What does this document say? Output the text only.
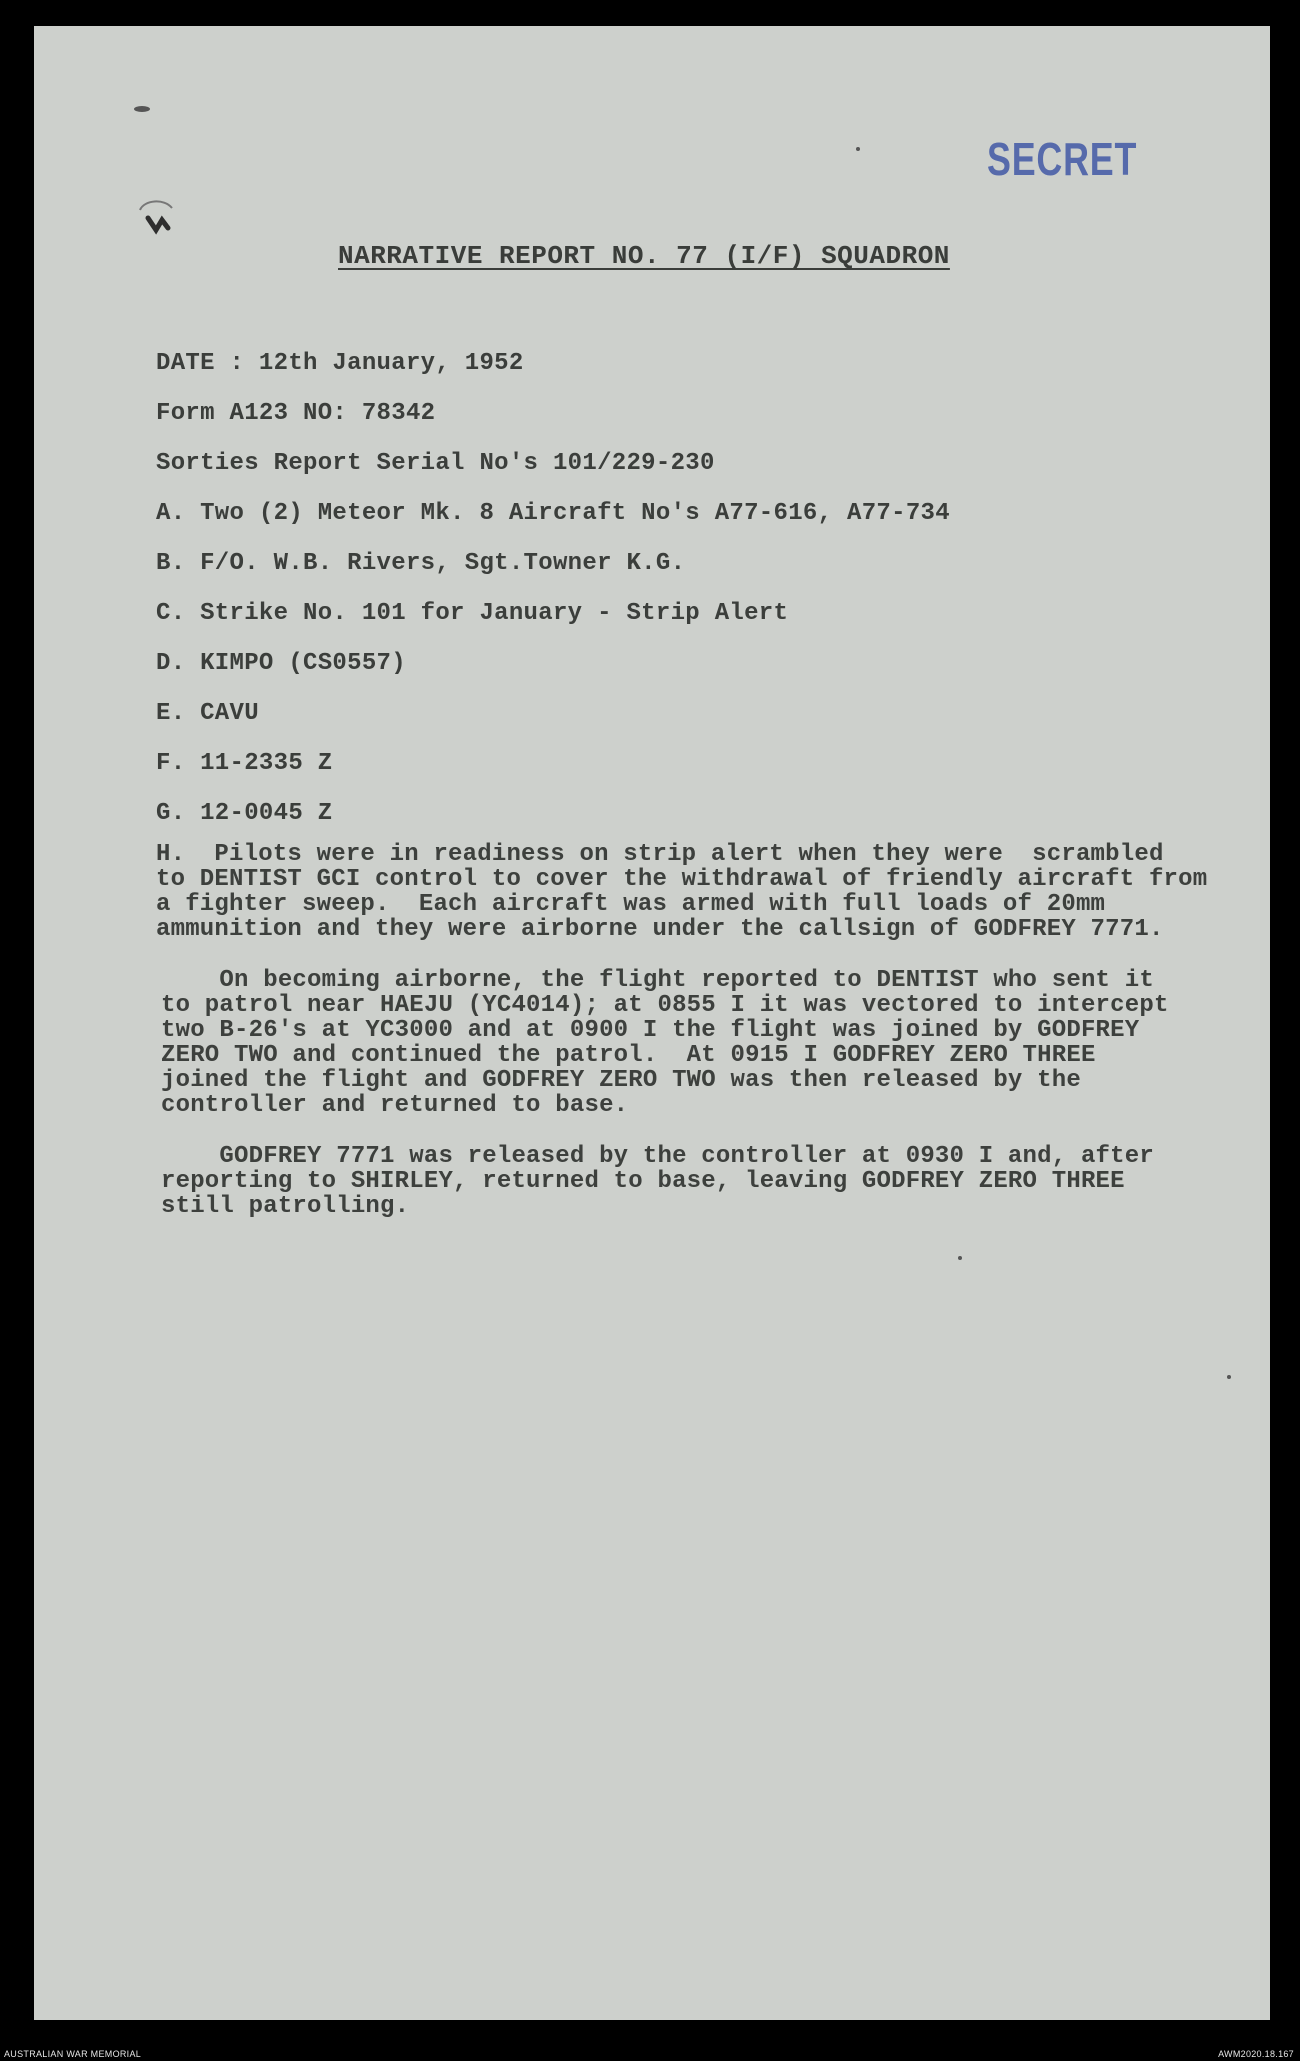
SECRET
NARRATIVE REPORT NO. 77 (I/F) SQUADRON
DATE : 12th January, 1952
Form A123 NO: 78342
Sorties Report Serial No's 101/229-230
A. Two (2) Meteor Mk. 8 Aircraft No's A77-616, A77-734
B. F/O. W.B. Rivers, Sgt.Towner K.G.
C. Strike No. 101 for January - Strip Alert
D. KIMPO (CS0557)
E. CAVU
F. 11-2335 Z
G. 12-0045 Z
H.  Pilots were in readiness on strip alert when they were  scrambled
to DENTIST GCI control to cover the withdrawal of friendly aircraft from
a fighter sweep.  Each aircraft was armed with full loads of 20mm
ammunition and they were airborne under the callsign of GODFREY 7771.
On becoming airborne, the flight reported to DENTIST who sent it
to patrol near HAEJU (YC4014); at 0855 I it was vectored to intercept
two B-26's at YC3000 and at 0900 I the flight was joined by GODFREY
ZERO TWO and continued the patrol.  At 0915 I GODFREY ZERO THREE
joined the flight and GODFREY ZERO TWO was then released by the
controller and returned to base.
GODFREY 7771 was released by the controller at 0930 I and, after
reporting to SHIRLEY, returned to base, leaving GODFREY ZERO THREE
still patrolling.
AUSTRALIAN WAR MEMORIAL	AWM2020.18.167
